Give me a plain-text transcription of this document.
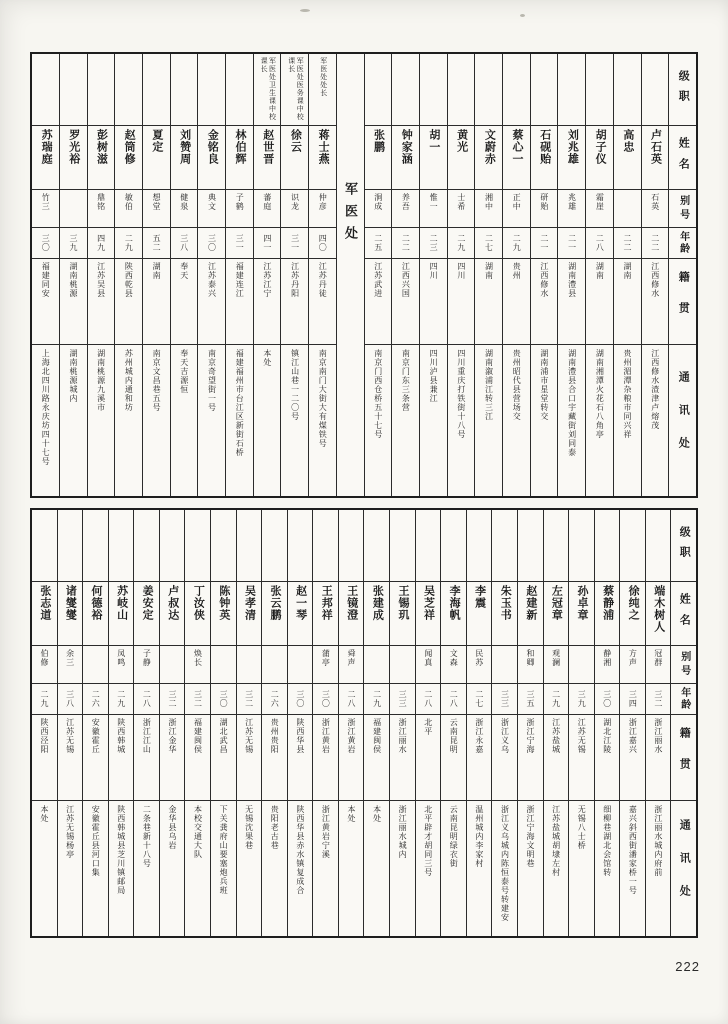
级职
姓名
别号
年龄
籍贯
通讯处
卢石英
石英
二二
江西修水
江西修水渣津卢熔茂
高忠
二二
湖南
贵州湄潭杂粮市同兴祥
胡子仪
霜崖
二八
湖南
湖南湘潭火花石八角亭
刘兆雄
兆雄
二一
湖南澧县
湖南澧县合口宇藏街刘同泰
石砚贻
研贻
二一
江西修水
湖南浦市星堂转交
蔡心一
正中
二九
贵州
贵州昭代县营场交
文蔚赤
湘中
二七
湖南
湖南溆浦江转三江
黄光
士希
二九
四川
四川重庆打铁街十八号
胡一
惟一
二三
四川
四川泸县兼江
钟家涵
养吾
二二
江西兴国
南京门东三条营
张鹏
涧成
二五
江苏武进
南京门西仓桥五十七号
军医处
军医处处长
蒋士燕
仲彦
四〇
江苏丹徒
南京南门大街大有煤铁号
军医处医务课中校课长
徐云
识龙
三一
江苏丹阳
镇江山巷一二〇号
军医处卫生课中校课长
赵世晋
蕃庭
四一
江苏江宁
本处
林伯辉
子鹤
三一
福建连江
福建福州市台江区新街石桥
金铭良
典文
三〇
江苏泰兴
南京奇望街一号
刘赞周
健泉
三八
奉天
奉天吉源恒
夏定
想堂
五二
湖南
南京文昌巷五号
赵筒修
敏伯
二九
陕西乾县
苏州城内通和坊
彭树滋
鼎铭
四九
江苏吴县
湖南桃源九溪市
罗光裕
三九
湖南桃源
湖南桃源城内
苏瑞庭
竹三
三〇
福建同安
上海北四川路永庆坊四十七号
级职
姓名
别号
年龄
籍贯
通讯处
端木树人
冠群
三二
浙江丽水
浙江丽水城内府前
徐纯之
方声
三四
浙江嘉兴
嘉兴斜西街潘家桥一号
蔡静浦
静湘
三〇
湖北江陵
细柳巷湖北会馆转
孙卓章
三九
江苏无锡
无锡八士桥
左冠章
观澜
二九
江苏盐城
江苏盐城胡埭左村
赵建新
和卿
三五
浙江宁海
浙江宁海文明巷
朱玉书
三三
浙江义乌
浙江义乌城内陈恒泰号转建安
李震
民苏
二七
浙江永嘉
温州城内李家村
李海帆
文森
二八
云南昆明
云南昆明绿衣街
吴芝祥
闻真
二八
北平
北平辟才胡同三号
王锡玑
三三
浙江丽水
浙江丽水城内
张建成
二九
福建闽侯
本处
王镜澄
舜声
二八
浙江黄岩
本处
王邦祥
蒲亭
三〇
浙江黄岩
浙江黄岩宁溪
赵一琴
三〇
陕西华县
陕西华县赤水镇复成合
张云鹏
二六
贵州贵阳
贵阳老古巷
吴孝清
三二
江苏无锡
无锡沈果巷
陈钟英
三〇
湖北武昌
下关龚府山要塞炮兵班
丁汝侠
焕长
三二
福建闽侯
本校交通大队
卢叔达
三二
浙江金华
金华县乌岩
姜安定
子静
二八
浙江江山
二条巷新十八号
苏岐山
凤鸣
二九
陕西韩城
陕西韩城县芝川镇邮局
何德裕
二六
安徽霍丘
安徽霍丘县河口集
诸燮燮
余三
三八
江苏无锡
江苏无锡杨亭
张志道
伯修
二九
陕西泾阳
本处
222
